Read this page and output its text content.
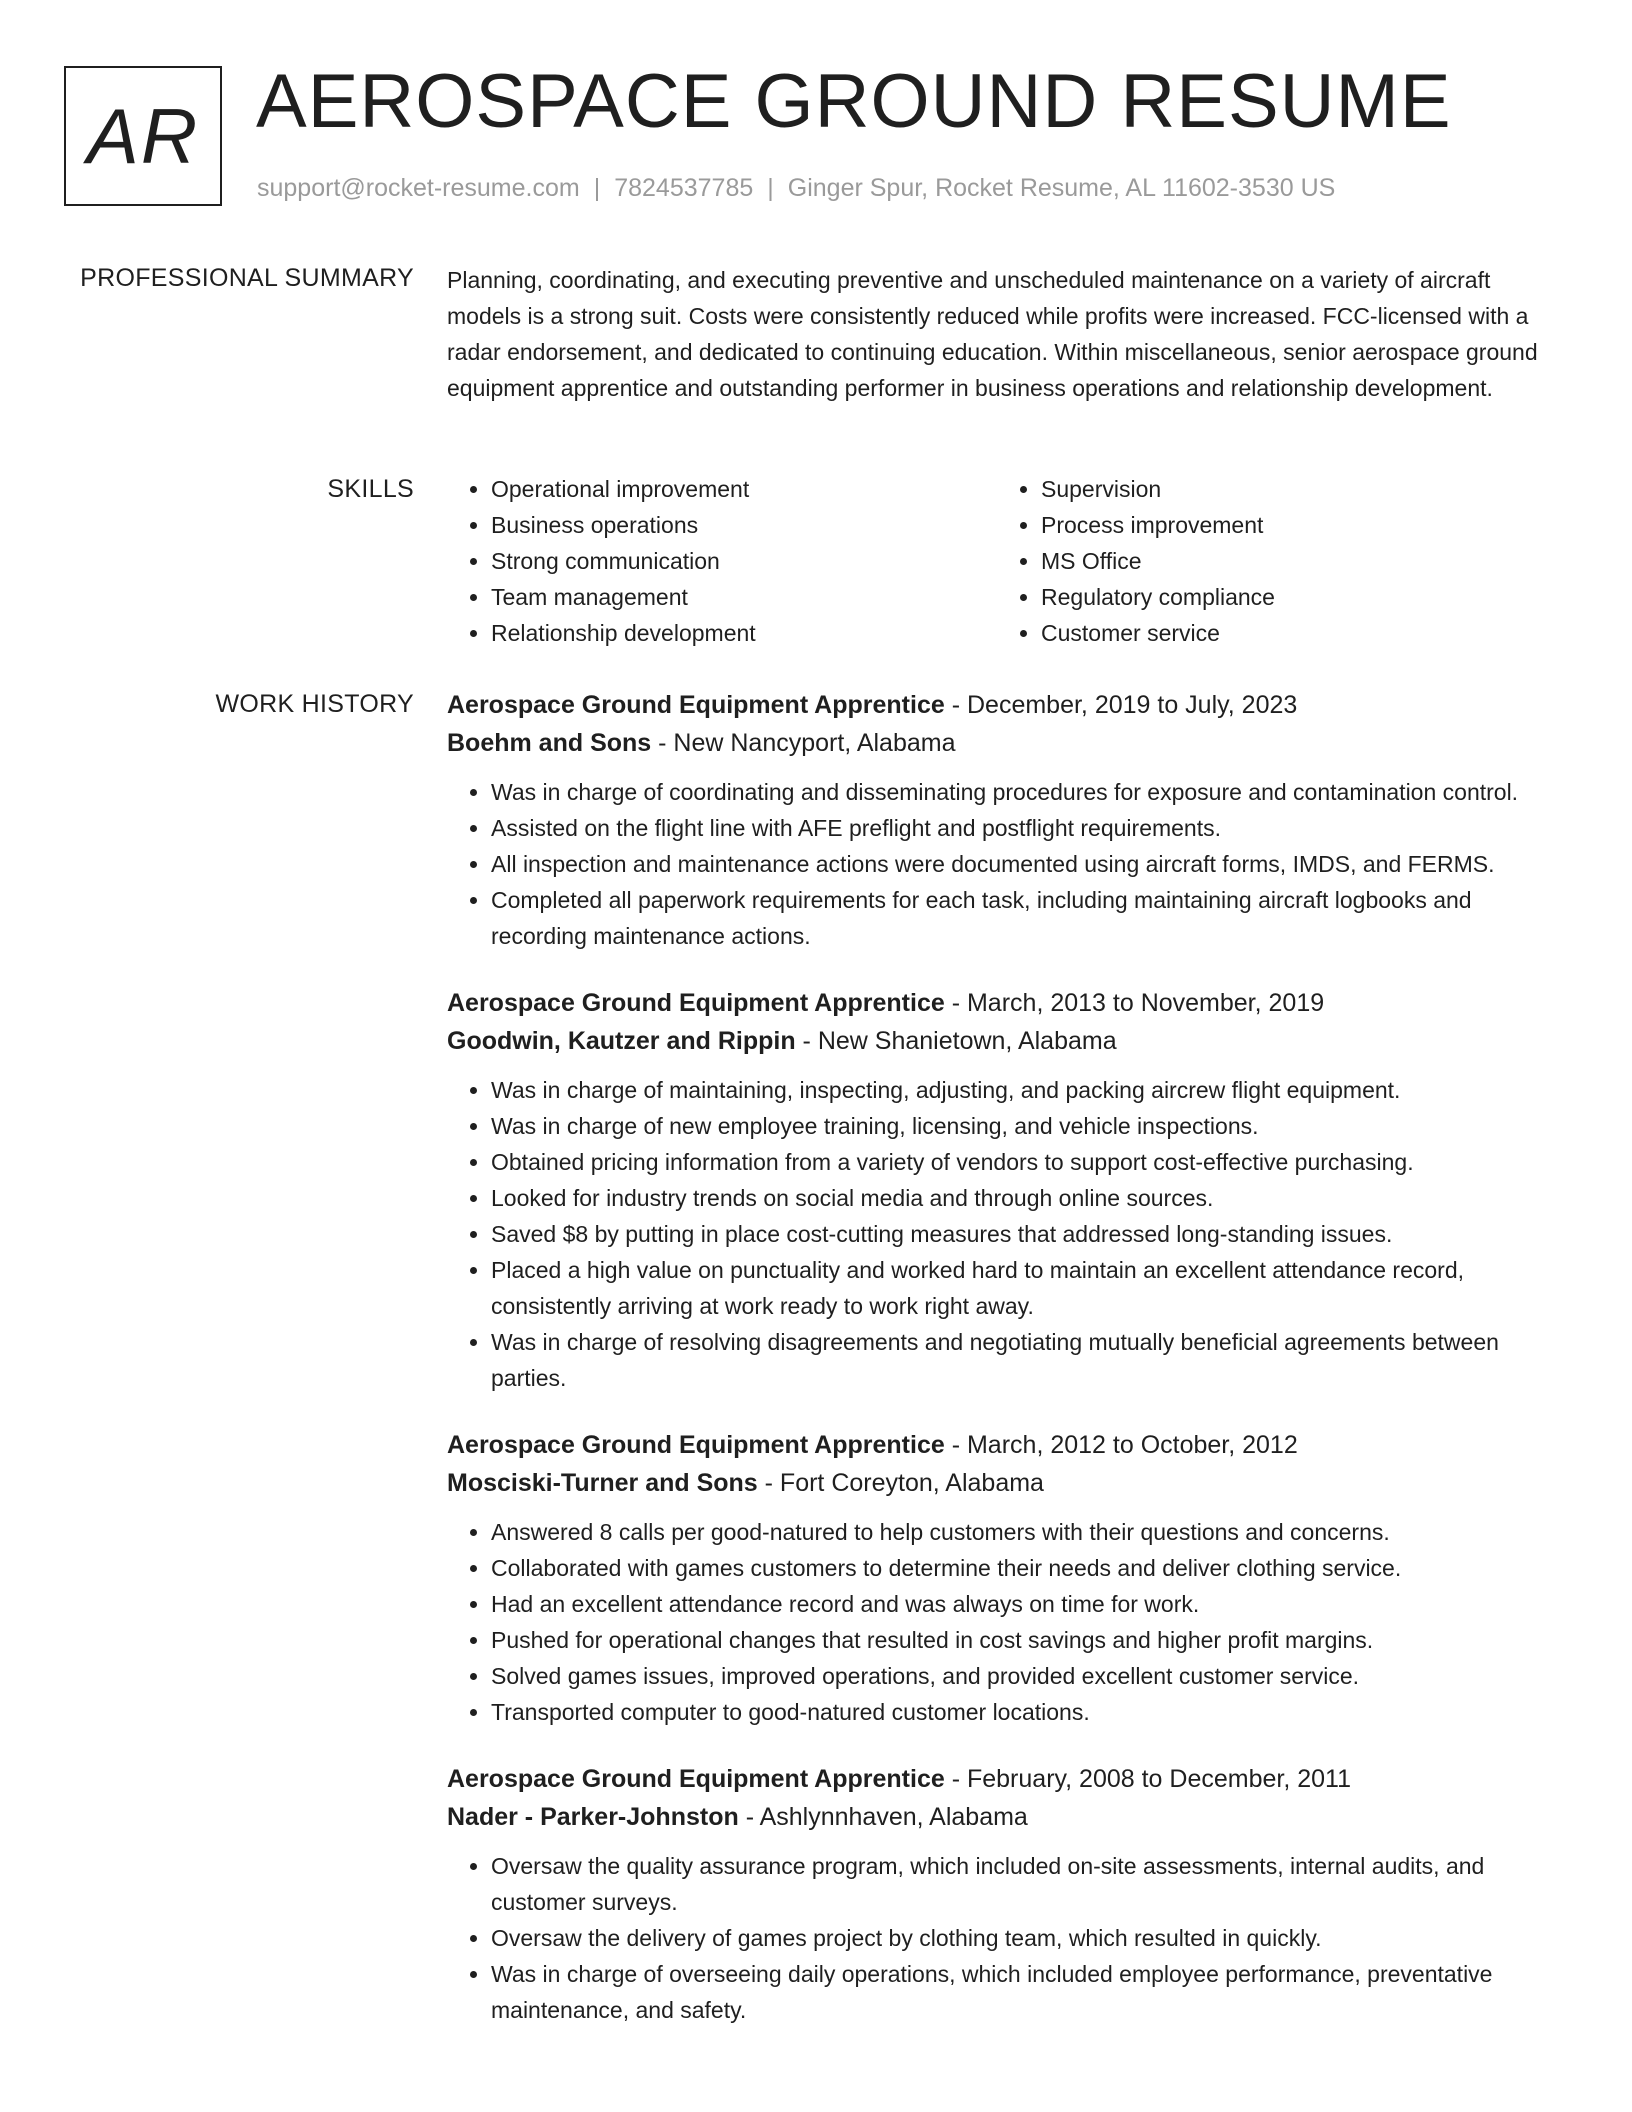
AR AEROSPACE GROUND RESUME
support@rocket-resume.com | 7824537785 | Ginger Spur, Rocket Resume, AL 11602-3530 US
PROFESSIONAL SUMMARY Planning, coordinating, and executing preventive and unscheduled maintenance on a variety of aircraft models is a strong suit. Costs were consistently reduced while profits were increased. FCC-licensed with a radar endorsement, and dedicated to continuing education. Within miscellaneous, senior aerospace ground equipment apprentice and outstanding performer in business operations and relationship development.
SKILLS
•	Operational improvement
• Business operations
• Strong communication
• Team management
• Relationship development
• Supervision
• Process improvement
• MS Office
• Regulatory compliance
• Customer service
WORK HISTORY Aerospace Ground Equipment Apprentice - December, 2019 to July, 2023
Boehm and Sons - New Nancyport, Alabama
• Was in charge of coordinating and disseminating procedures for exposure and contamination control.
• Assisted on the flight line with AFE preflight and postflight requirements.
• All inspection and maintenance actions were documented using aircraft forms, IMDS, and FERMS.
• Completed all paperwork requirements for each task, including maintaining aircraft logbooks and recording maintenance actions.
Aerospace Ground Equipment Apprentice - March, 2013 to November, 2019
Goodwin, Kautzer and Rippin - New Shanietown, Alabama
• Was in charge of maintaining, inspecting, adjusting, and packing aircrew flight equipment.
• Was in charge of new employee training, licensing, and vehicle inspections.
• Obtained pricing information from a variety of vendors to support cost-effective purchasing.
• Looked for industry trends on social media and through online sources.
• Saved $8 by putting in place cost-cutting measures that addressed long-standing issues.
• Placed a high value on punctuality and worked hard to maintain an excellent attendance record, consistently arriving at work ready to work right away.
• Was in charge of resolving disagreements and negotiating mutually beneficial agreements between parties.
Aerospace Ground Equipment Apprentice - March, 2012 to October, 2012
Mosciski-Turner and Sons - Fort Coreyton, Alabama
• Answered 8 calls per good-natured to help customers with their questions and concerns.
• Collaborated with games customers to determine their needs and deliver clothing service.
• Had an excellent attendance record and was always on time for work.
• Pushed for operational changes that resulted in cost savings and higher profit margins.
• Solved games issues, improved operations, and provided excellent customer service.
• Transported computer to good-natured customer locations.
Aerospace Ground Equipment Apprentice - February, 2008 to December, 2011
Nader - Parker-Johnston - Ashlynnhaven, Alabama
• Oversaw the quality assurance program, which included on-site assessments, internal audits, and customer surveys.
• Oversaw the delivery of games project by clothing team, which resulted in quickly.
• Was in charge of overseeing daily operations, which included employee performance, preventative maintenance, and safety.
